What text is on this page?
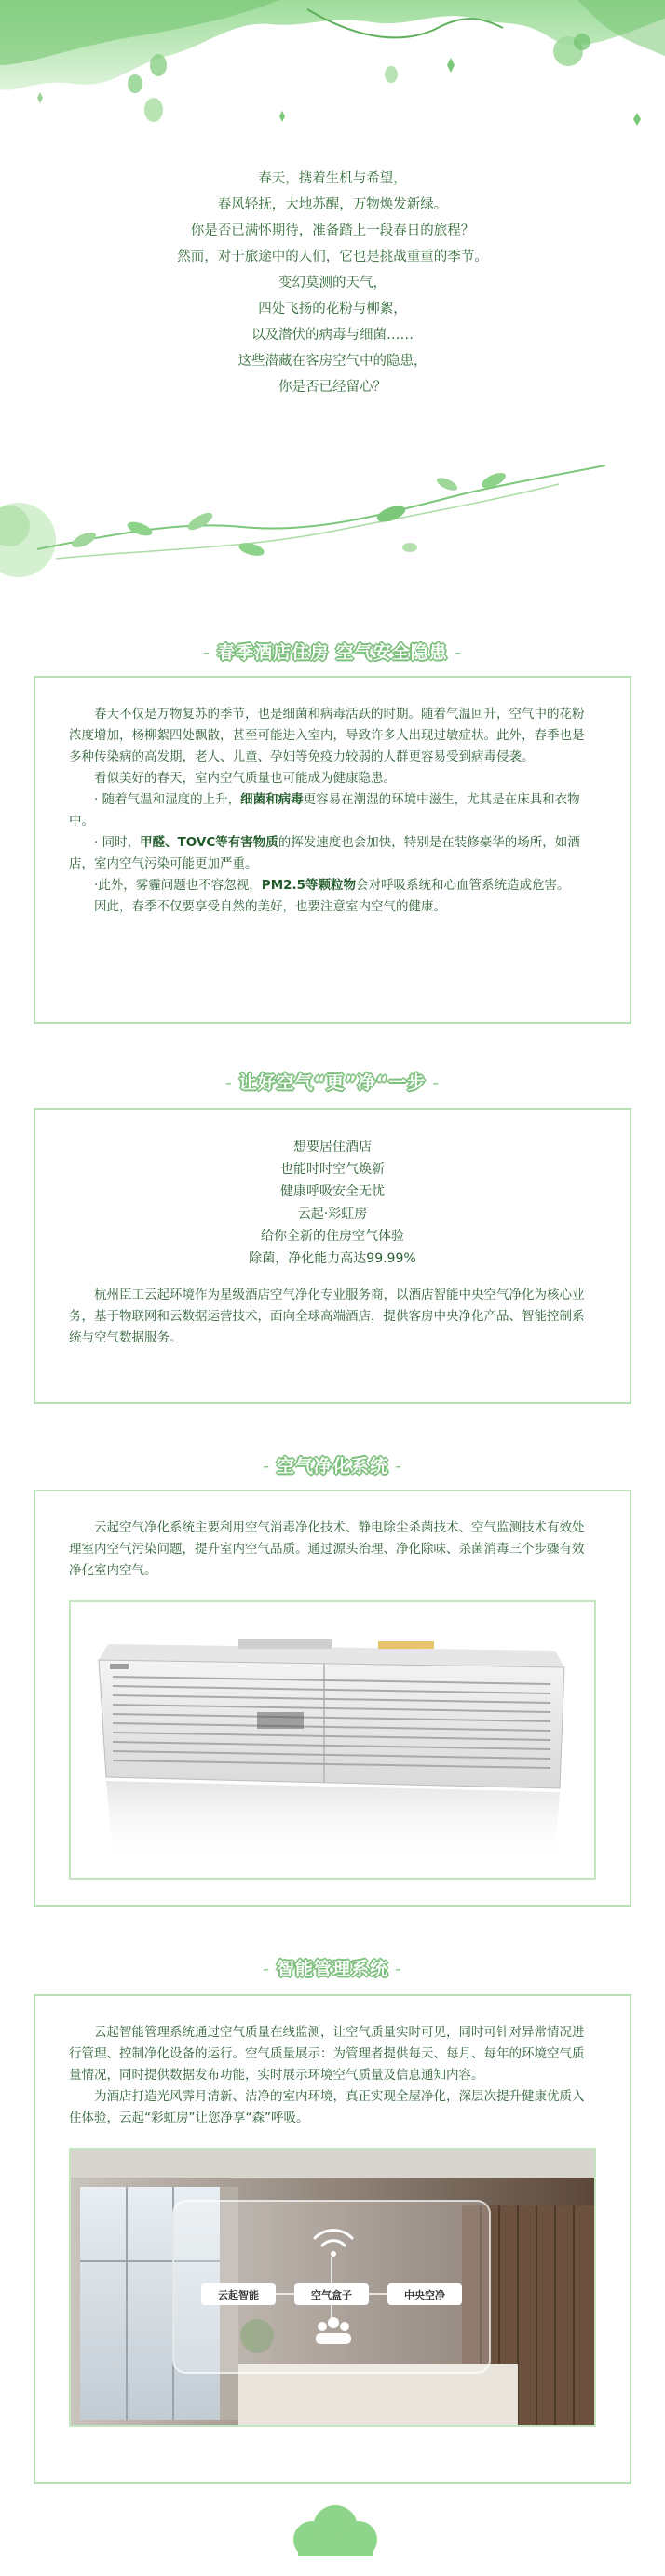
春天，携着生机与希望，

春风轻抚，大地苏醒，万物焕发新绿。

你是否已满怀期待，准备踏上一段春日的旅程？

然而，对于旅途中的人们，它也是挑战重重的季节。

变幻莫测的天气，

四处飞扬的花粉与柳絮，

以及潜伏的病毒与细菌……

这些潜藏在客房空气中的隐患，

你是否已经留心？

- 春季酒店住房 空气安全隐患 -

春天不仅是万物复苏的季节，也是细菌和病毒活跃的时期。随着气温回升，空气中的花粉浓度增加，杨柳絮四处飘散，甚至可能进入室内，导致许多人出现过敏症状。此外，春季也是多种传染病的高发期，老人、儿童、孕妇等免疫力较弱的人群更容易受到病毒侵袭。

看似美好的春天，室内空气质量也可能成为健康隐患。

· 随着气温和湿度的上升，细菌和病毒更容易在潮湿的环境中滋生，尤其是在床具和衣物中。

· 同时，甲醛、TOVC等有害物质的挥发速度也会加快，特别是在装修豪华的场所，如酒店，室内空气污染可能更加严重。

·此外，雾霾问题也不容忽视，PM2.5等颗粒物会对呼吸系统和心血管系统造成危害。

因此，春季不仅要享受自然的美好，也要注意室内空气的健康。

- 让好空气“更”净“一步 -
想要居住酒店
也能时时空气焕新
健康呼吸安全无忧
云起·彩虹房
给你全新的住房空气体验
除菌，净化能力高达99.99%

杭州臣工云起环境作为星级酒店空气净化专业服务商，以酒店智能中央空气净化为核心业务，基于物联网和云数据运营技术，面向全球高端酒店，提供客房中央净化产品、智能控制系统与空气数据服务。

- 空气净化系统 -

云起空气净化系统主要利用空气消毒净化技术、静电除尘杀菌技术、空气监测技术有效处理室内空气污染问题，提升室内空气品质。通过源头治理、净化除味、杀菌消毒三个步骤有效净化室内空气。

- 智能管理系统 -

云起智能管理系统通过空气质量在线监测，让空气质量实时可见，同时可针对异常情况进行管理、控制净化设备的运行。空气质量展示：为管理者提供每天、每月、每年的环境空气质量情况，同时提供数据发布功能，实时展示环境空气质量及信息通知内容。

为酒店打造光风霁月清新、洁净的室内环境，真正实现全屋净化，深层次提升健康优质入住体验，云起“彩虹房”让您净享“森”呼吸。

云起智能	空气盒子	中央空净
